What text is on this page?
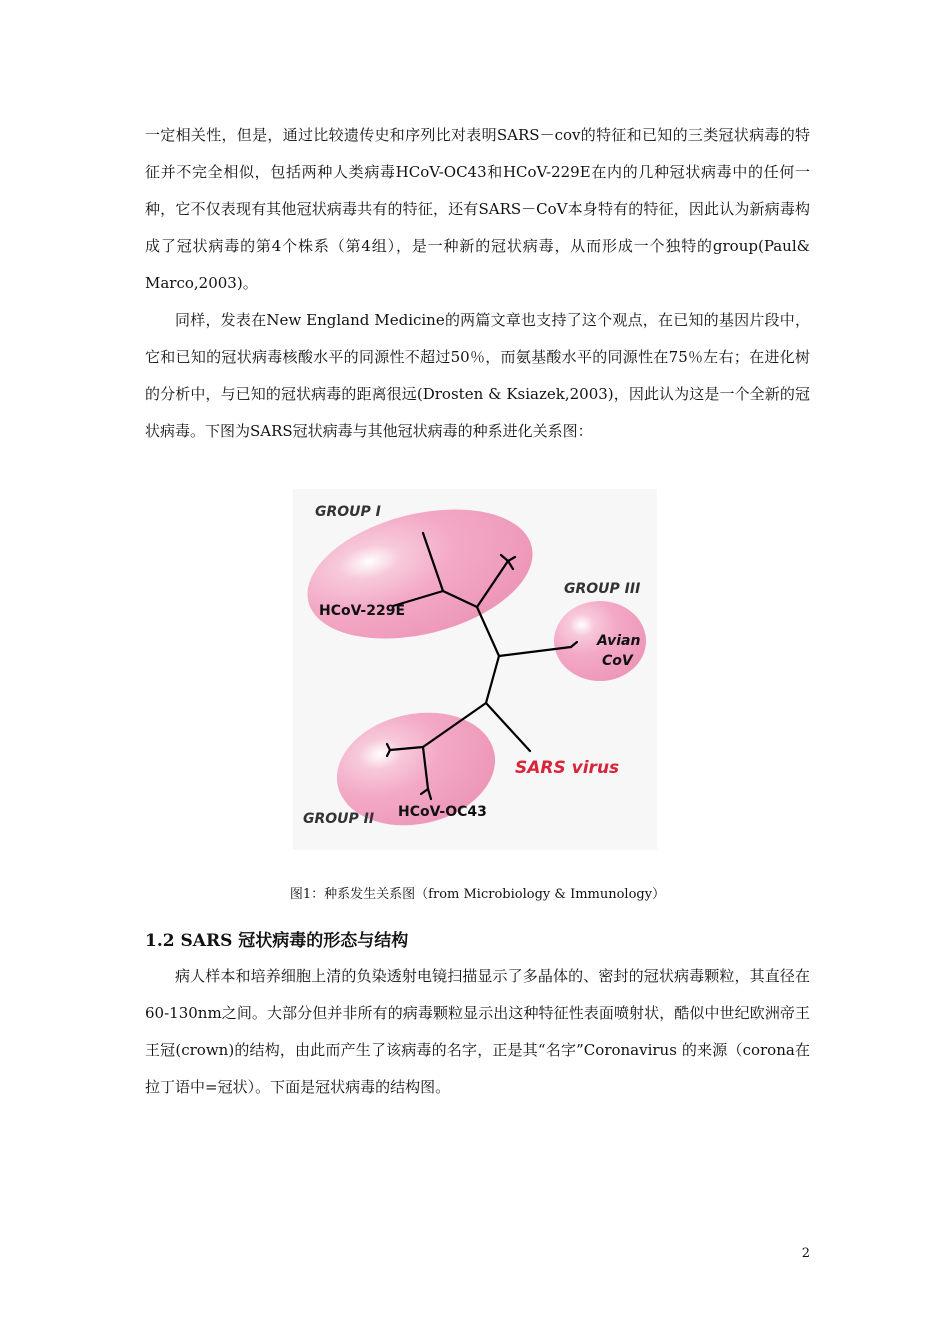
一定相关性，但是，通过比较遗传史和序列比对表明SARS－cov的特征和已知的三类冠状病毒的特征并不完全相似，包括两种人类病毒HCoV-OC43和HCoV-229E在内的几种冠状病毒中的任何一种，它不仅表现有其他冠状病毒共有的特征，还有SARS－CoV本身特有的特征，因此认为新病毒构成了冠状病毒的第4个株系（第4组），是一种新的冠状病毒，从而形成一个独特的group(Paul& Marco,2003)。

同样，发表在New England Medicine的两篇文章也支持了这个观点，在已知的基因片段中，它和已知的冠状病毒核酸水平的同源性不超过50％，而氨基酸水平的同源性在75％左右；在进化树的分析中，与已知的冠状病毒的距离很远(Drosten & Ksiazek,2003)，因此认为这是一个全新的冠状病毒。下图为SARS冠状病毒与其他冠状病毒的种系进化关系图：

GROUP I
GROUP III
GROUP II
HCoV-229E
HCoV-OC43
Avian
CoV
SARS virus
图1：种系发生关系图（from Microbiology & Immunology）
1.2 SARS 冠状病毒的形态与结构

病人样本和培养细胞上清的负染透射电镜扫描显示了多晶体的、密封的冠状病毒颗粒，其直径在60-130nm之间。大部分但并非所有的病毒颗粒显示出这种特征性表面喷射状，酷似中世纪欧洲帝王王冠(crown)的结构，由此而产生了该病毒的名字，正是其“名字”Coronavirus 的来源（corona在拉丁语中=冠状）。下面是冠状病毒的结构图。

2
